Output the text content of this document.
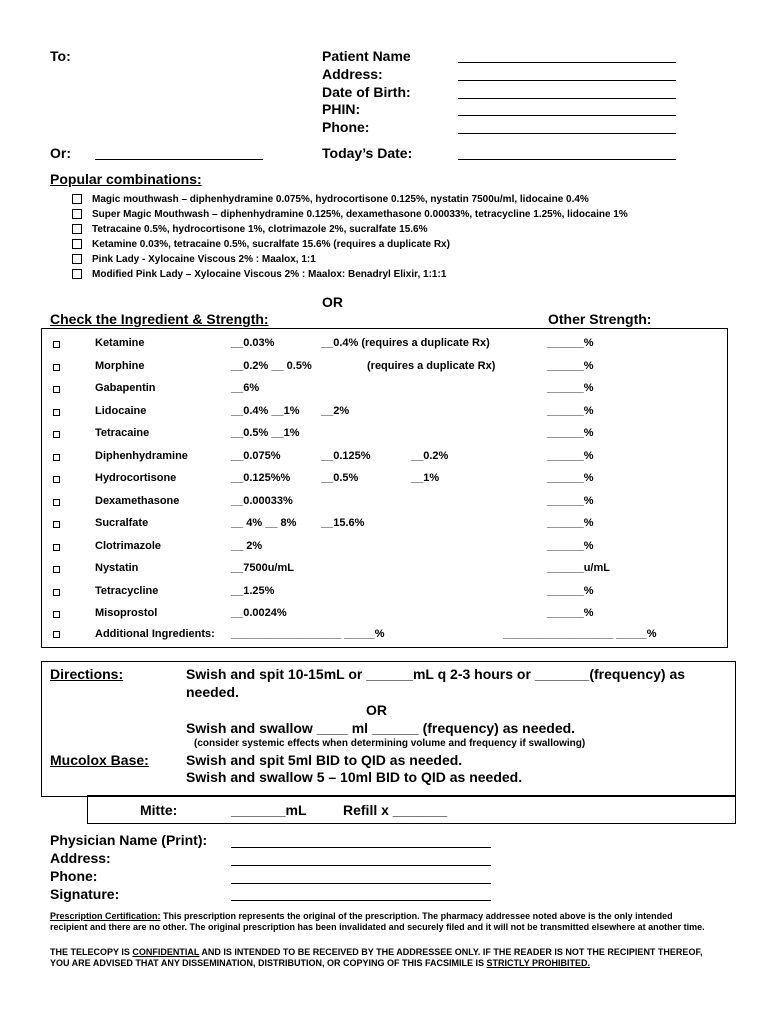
To:	Patient Name
Address:
Date of Birth:
PHIN:
Phone:
Or:	Today’s Date:
Popular combinations:
Magic mouthwash – diphenhydramine 0.075%, hydrocortisone 0.125%, nystatin 7500u/ml, lidocaine 0.4%
Super Magic Mouthwash – diphenhydramine 0.125%, dexamethasone 0.00033%, tetracycline 1.25%, lidocaine 1%
Tetracaine 0.5%, hydrocortisone 1%, clotrimazole 2%, sucralfate 15.6%
Ketamine 0.03%, tetracaine 0.5%, sucralfate 15.6% (requires a duplicate Rx)
Pink Lady - Xylocaine Viscous 2% : Maalox, 1:1
Modified Pink Lady – Xylocaine Viscous 2% : Maalox: Benadryl Elixir, 1:1:1
OR
Check the Ingredient & Strength:	Other Strength:
Ketamine	__0.03%	__0.4% (requires a duplicate Rx)	______%
Morphine	__0.2% __ 0.5%	(requires a duplicate Rx)	______%
Gabapentin	__6%	______%
Lidocaine	__0.4% __1% __2%	______%
Tetracaine	__0.5% __1%	______%
Diphenhydramine	__0.075%	__0.125%	__0.2%	______%
Hydrocortisone	__0.125%%	__0.5%	__1%	______%
Dexamethasone	__0.00033%	______%
Sucralfate	__ 4% __ 8% __15.6%	______%
Clotrimazole	__ 2%	______%
Nystatin	__7500u/mL	______u/mL
Tetracycline	__1.25%	______%
Misoprostol	__0.0024%	______%
Additional Ingredients: __________________ _____%	__________________ _____%
Directions:	Swish and spit 10-15mL or ______mL q 2-3 hours or _______(frequency) as
needed.
OR
Swish and swallow ____ ml ______ (frequency) as needed.
(consider systemic effects when determining volume and frequency if swallowing)
Mucolox Base:	Swish and spit 5ml BID to QID as needed.
Swish and swallow 5 – 10ml BID to QID as needed.
Mitte:	_______mL	Refill x _______
Physician Name (Print):
Address:
Phone:
Signature:
Prescription Certification: This prescription represents the original of the prescription. The pharmacy addressee noted above is the only intended recipient and there are no other. The original prescription has been invalidated and securely filed and it will not be transmitted elsewhere at another time.
THE TELECOPY IS CONFIDENTIAL AND IS INTENDED TO BE RECEIVED BY THE ADDRESSEE ONLY. IF THE READER IS NOT THE RECIPIENT THEREOF, YOU ARE ADVISED THAT ANY DISSEMINATION, DISTRIBUTION, OR COPYING OF THIS FACSIMILE IS STRICTLY PROHIBITED.
